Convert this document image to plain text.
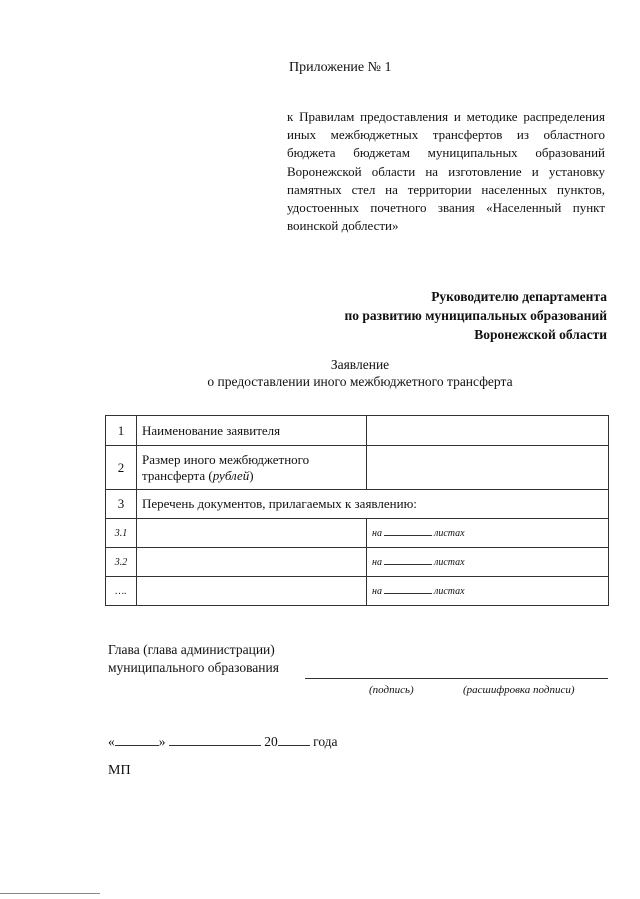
Приложение № 1
к Правилам предоставления и методике распределения иных межбюджетных трансфертов из областного бюджета бюджетам муниципальных образований Воронежской области на изготовление и установку памятных стел на территории населенных пунктов, удостоенных почетного звания «Населенный пункт воинской доблести»
Руководителю департамента
по развитию муниципальных образований
Воронежской области
Заявление
о предоставлении иного межбюджетного трансферта
1	Наименование заявителя	
2	Размер иного межбюджетного трансферта (рублей)	
3	Перечень документов, прилагаемых к заявлению:	
3.1		на листах
3.2		на листах
….		на листах
Глава (глава администрации)
муниципального образования
(подпись)	(расшифровка подписи)
«	»	20	года
МП
